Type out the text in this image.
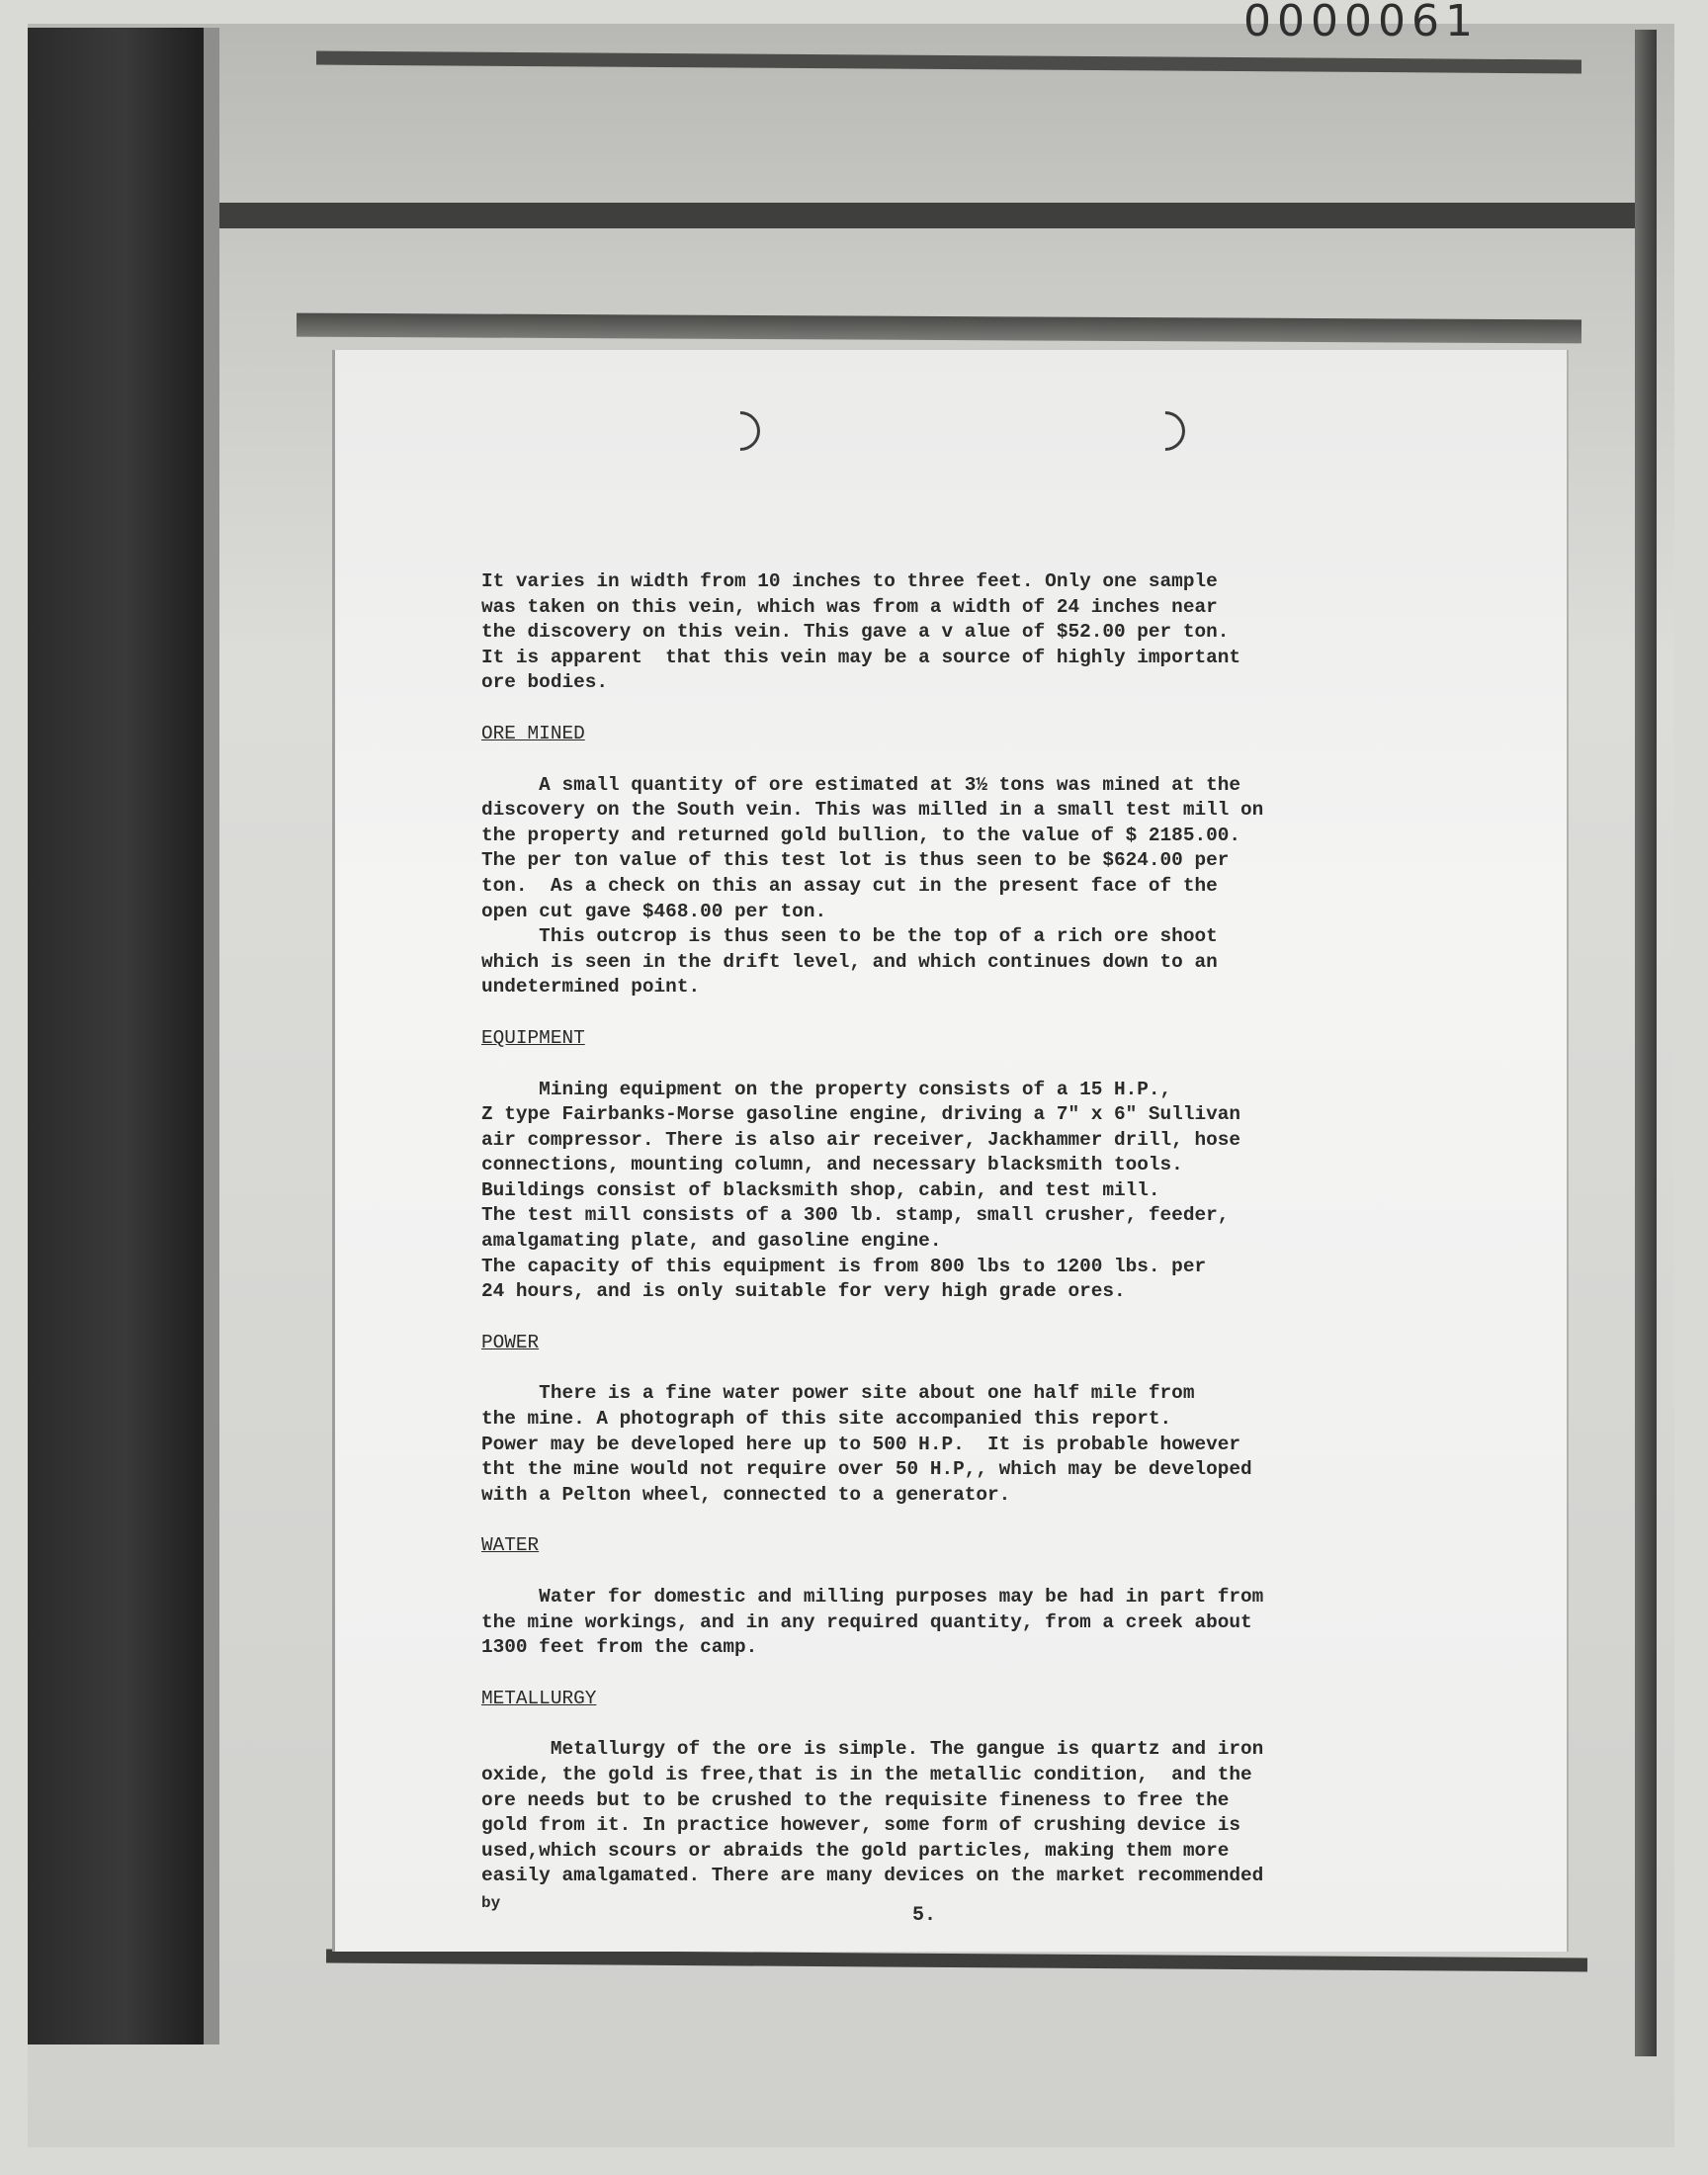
0000061

It varies in width from 10 inches to three feet. Only one sample

was taken on this vein, which was from a width of 24 inches near

the discovery on this vein. This gave a v alue of $52.00 per ton.

It is apparent  that this vein may be a source of highly important

ore bodies.

ORE MINED

A small quantity of ore estimated at 3½ tons was mined at the

discovery on the South vein. This was milled in a small test mill on

the property and returned gold bullion, to the value of $ 2185.00.

The per ton value of this test lot is thus seen to be $624.00 per

ton.  As a check on this an assay cut in the present face of the

open cut gave $468.00 per ton.

This outcrop is thus seen to be the top of a rich ore shoot

which is seen in the drift level, and which continues down to an

undetermined point.

EQUIPMENT

Mining equipment on the property consists of a 15 H.P.,

Z type Fairbanks-Morse gasoline engine, driving a 7" x 6" Sullivan

air compressor. There is also air receiver, Jackhammer drill, hose

connections, mounting column, and necessary blacksmith tools.

Buildings consist of blacksmith shop, cabin, and test mill.

The test mill consists of a 300 lb. stamp, small crusher, feeder,

amalgamating plate, and gasoline engine.

The capacity of this equipment is from 800 lbs to 1200 lbs. per

24 hours, and is only suitable for very high grade ores.

POWER

There is a fine water power site about one half mile from

the mine. A photograph of this site accompanied this report.

Power may be developed here up to 500 H.P.  It is probable however

tht the mine would not require over 50 H.P,, which may be developed

with a Pelton wheel, connected to a generator.

WATER

Water for domestic and milling purposes may be had in part from

the mine workings, and in any required quantity, from a creek about

1300 feet from the camp.

METALLURGY

Metallurgy of the ore is simple. The gangue is quartz and iron

oxide, the gold is free,that is in the metallic condition,  and the

ore needs but to be crushed to the requisite fineness to free the

gold from it. In practice however, some form of crushing device is

used,which scours or abraids the gold particles, making them more

easily amalgamated. There are many devices on the market recommended

by
5.
